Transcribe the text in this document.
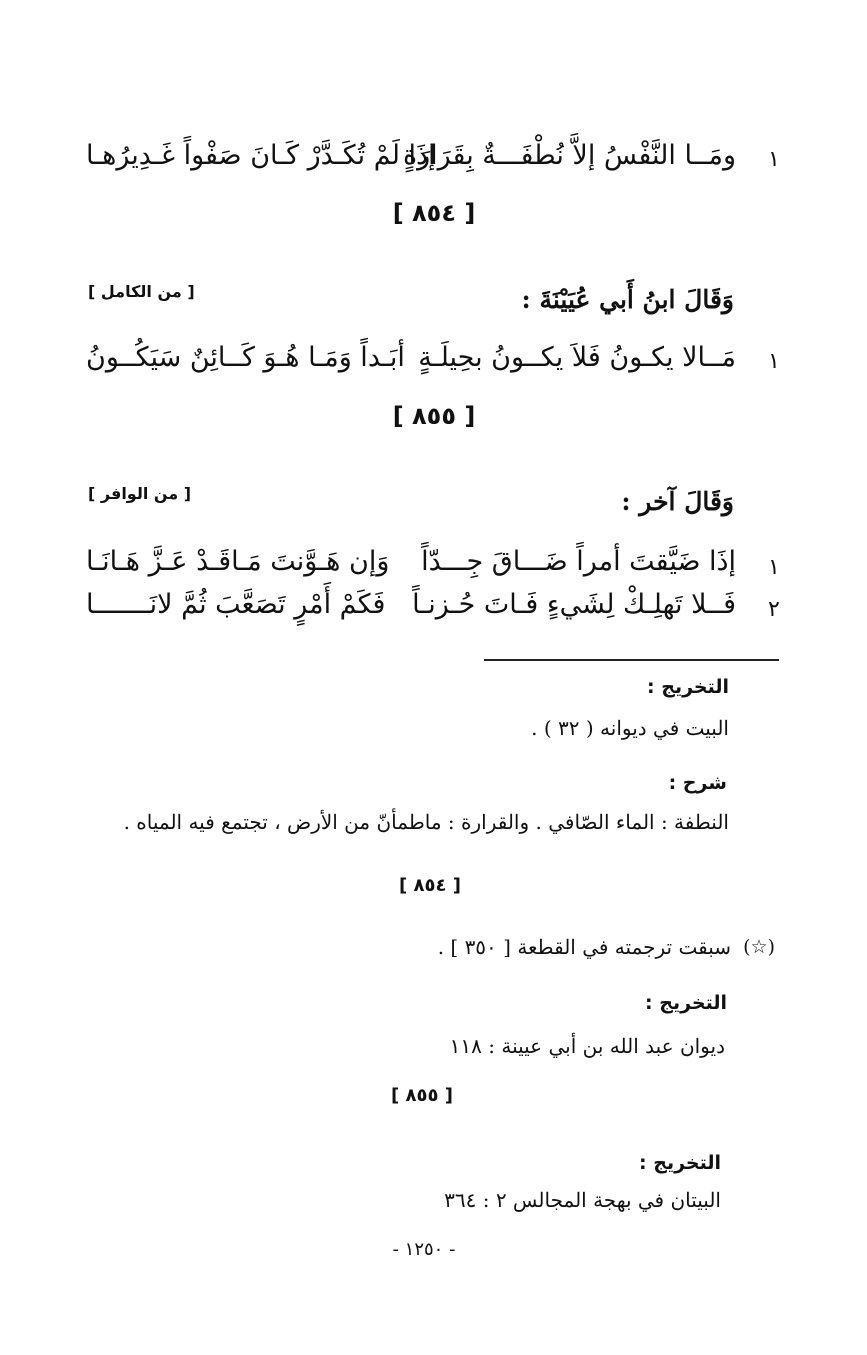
١
ومَــا النَّفْسُ إلاَّ نُطْفَـــةٌ بِقَرَارَةٍ
إذَا لَمْ تُكَـدَّرْ كَـانَ صَفْواً غَـدِيرُهـا
[ ٨٥٤ ]
وَقَالَ ابنُ أَبي عُيَيْنَةَ :
[ من الكامل ]
١
مَــالا يكـونُ فَلاَ يكــونُ بحِيلَـةٍ
أبَـداً وَمَـا هُـوَ كَــائِنٌ سَيَكُــونُ
[ ٨٥٥ ]
وَقَالَ آخر :
[ من الوافر ]
١
إذَا ضَيَّقتَ أمراً ضَـــاقَ جِـــدّاً
وَإن هَـوَّنتَ مَـاقَـدْ عَـزَّ هَـانَـا
٢
فَــلا تَهلِـكْ لِشَيءٍ فَـاتَ حُـزنـاً
فَكَمْ أَمْرٍ تَصَعَّبَ ثُمَّ لانَـــــــا
التخريج :
البيت في ديوانه ( ٣٢ ) .
شرح :
النطفة : الماء الصّافي . والقرارة : ماطمأنّ من الأرض ، تجتمع فيه المياه .
[ ٨٥٤ ]
(☆)
سبقت ترجمته في القطعة [ ٣٥٠ ] .
التخريج :
ديوان عبد الله بن أبي عيينة : ١١٨
[ ٨٥٥ ]
التخريج :
البيتان في بهجة المجالس ٢ : ٣٦٤
- ١٢٥٠ -
